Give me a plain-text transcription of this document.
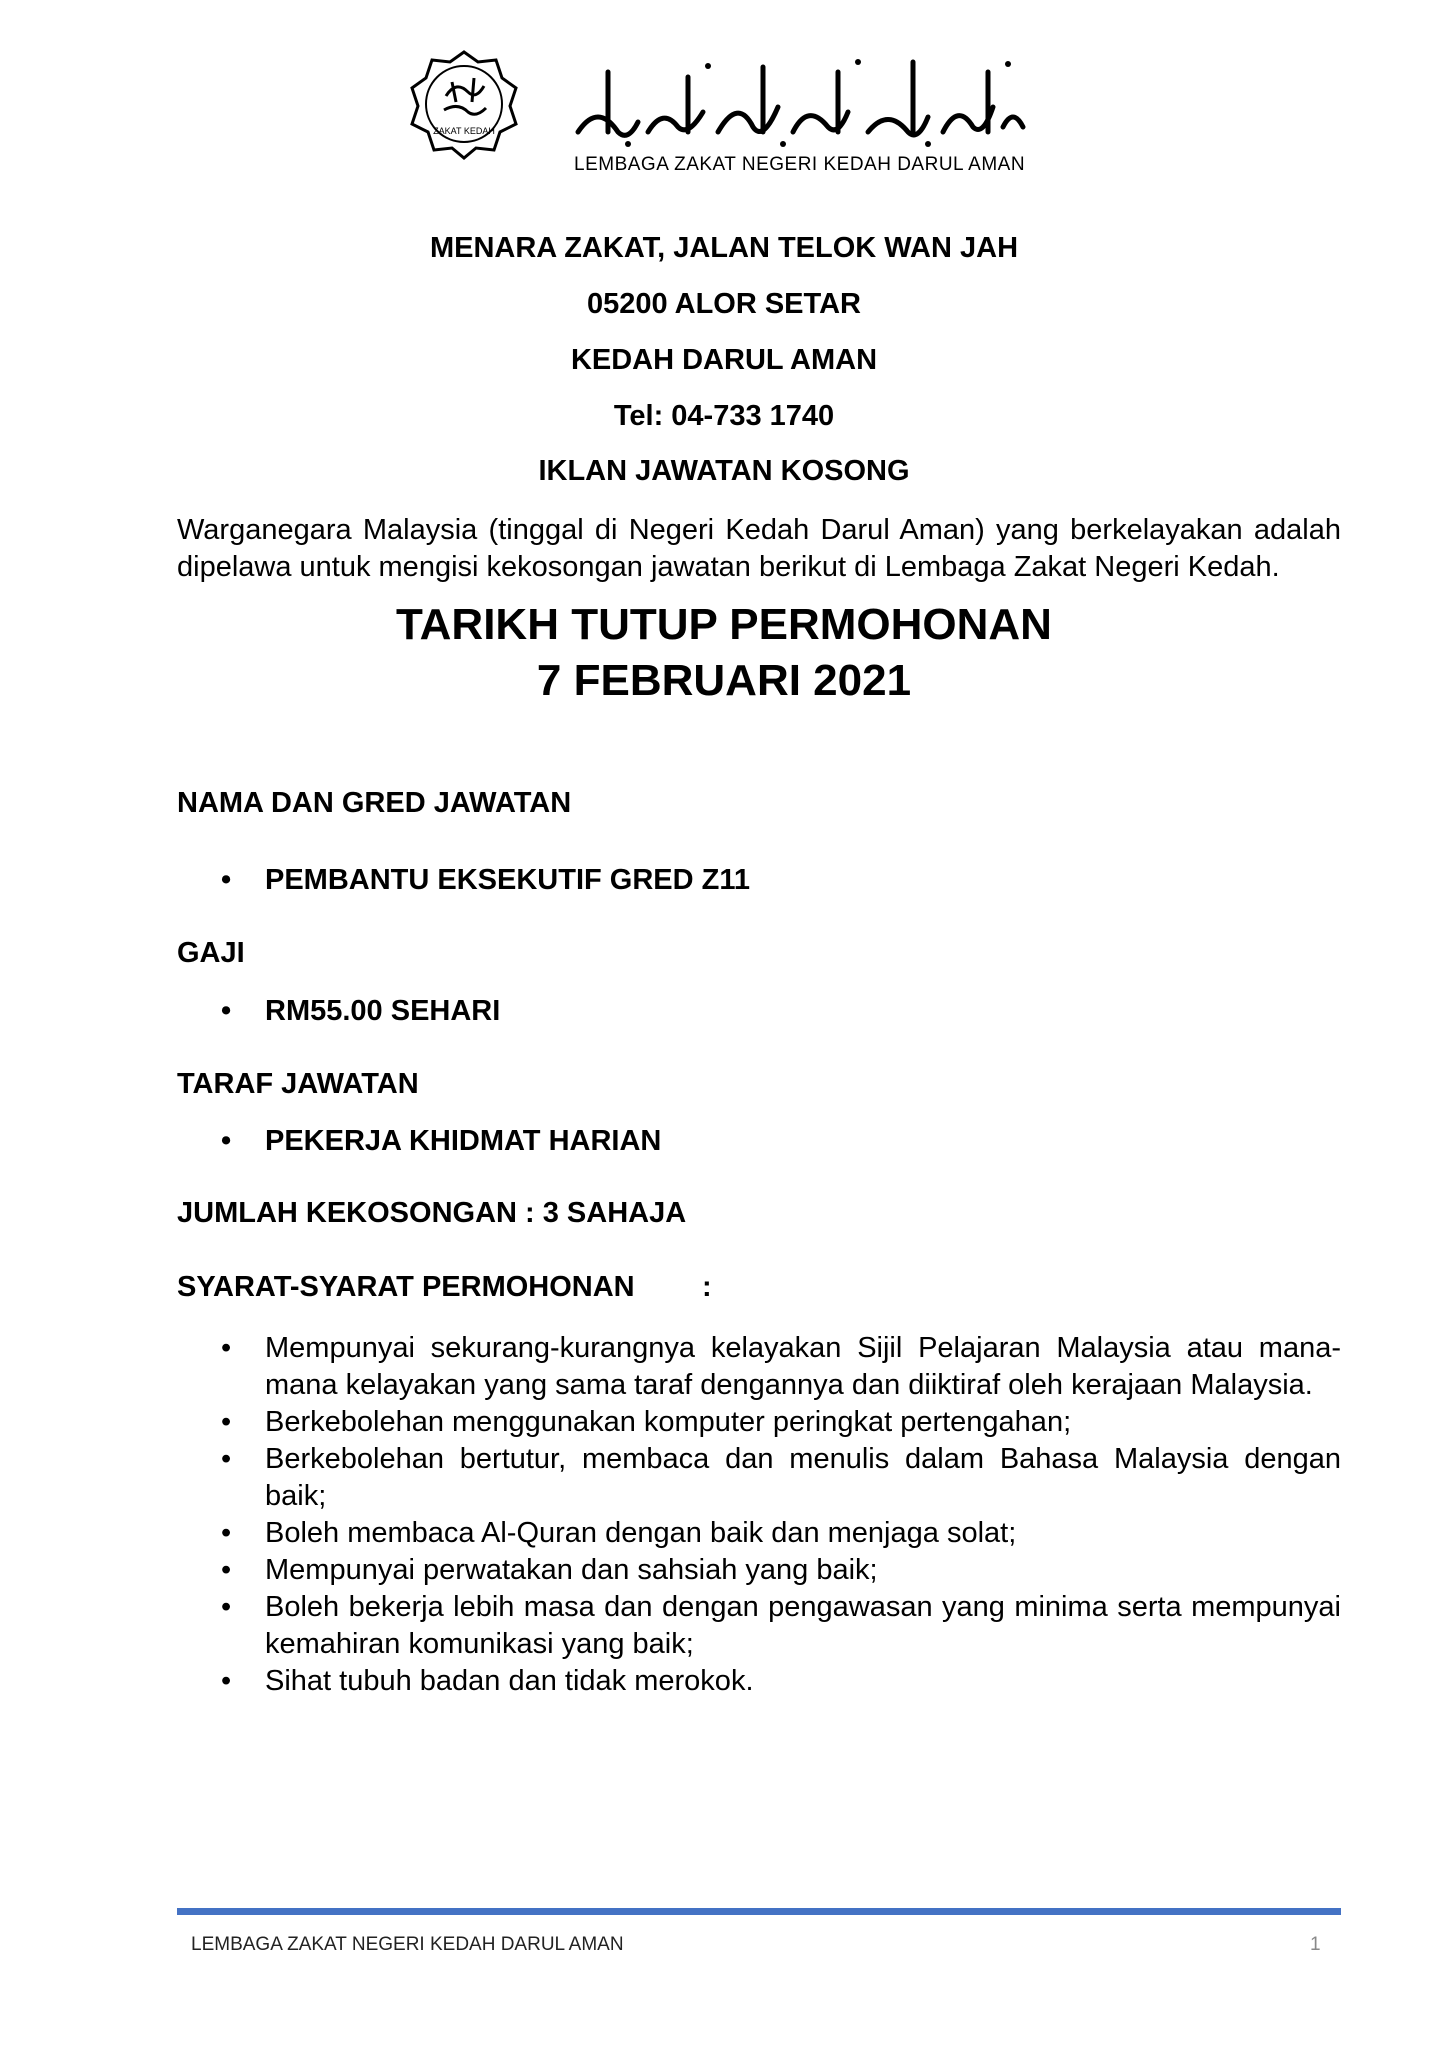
ZAKAT KEDAH
LEMBAGA ZAKAT NEGERI KEDAH DARUL AMAN
MENARA ZAKAT, JALAN TELOK WAN JAH
05200 ALOR SETAR
KEDAH DARUL AMAN
Tel: 04-733 1740
IKLAN JAWATAN KOSONG
Warganegara Malaysia (tinggal di Negeri Kedah Darul Aman) yang berkelayakan adalah
dipelawa untuk mengisi kekosongan jawatan berikut di Lembaga Zakat Negeri Kedah.
TARIKH TUTUP PERMOHONAN
7 FEBRUARI 2021
NAMA DAN GRED JAWATAN
• PEMBANTU EKSEKUTIF GRED Z11
GAJI
• RM55.00 SEHARI
TARAF JAWATAN
• PEKERJA KHIDMAT HARIAN
JUMLAH KEKOSONGAN : 3 SAHAJA
SYARAT-SYARAT PERMOHONAN :
• Mempunyai sekurang-kurangnya kelayakan Sijil Pelajaran Malaysia atau mana-
mana kelayakan yang sama taraf dengannya dan diiktiraf oleh kerajaan Malaysia.
• Berkebolehan menggunakan komputer peringkat pertengahan;
• Berkebolehan bertutur, membaca dan menulis dalam Bahasa Malaysia dengan
baik;
• Boleh membaca Al-Quran dengan baik dan menjaga solat;
• Mempunyai perwatakan dan sahsiah yang baik;
• Boleh bekerja lebih masa dan dengan pengawasan yang minima serta mempunyai
kemahiran komunikasi yang baik;
• Sihat tubuh badan dan tidak merokok.
LEMBAGA ZAKAT NEGERI KEDAH DARUL AMAN	1
